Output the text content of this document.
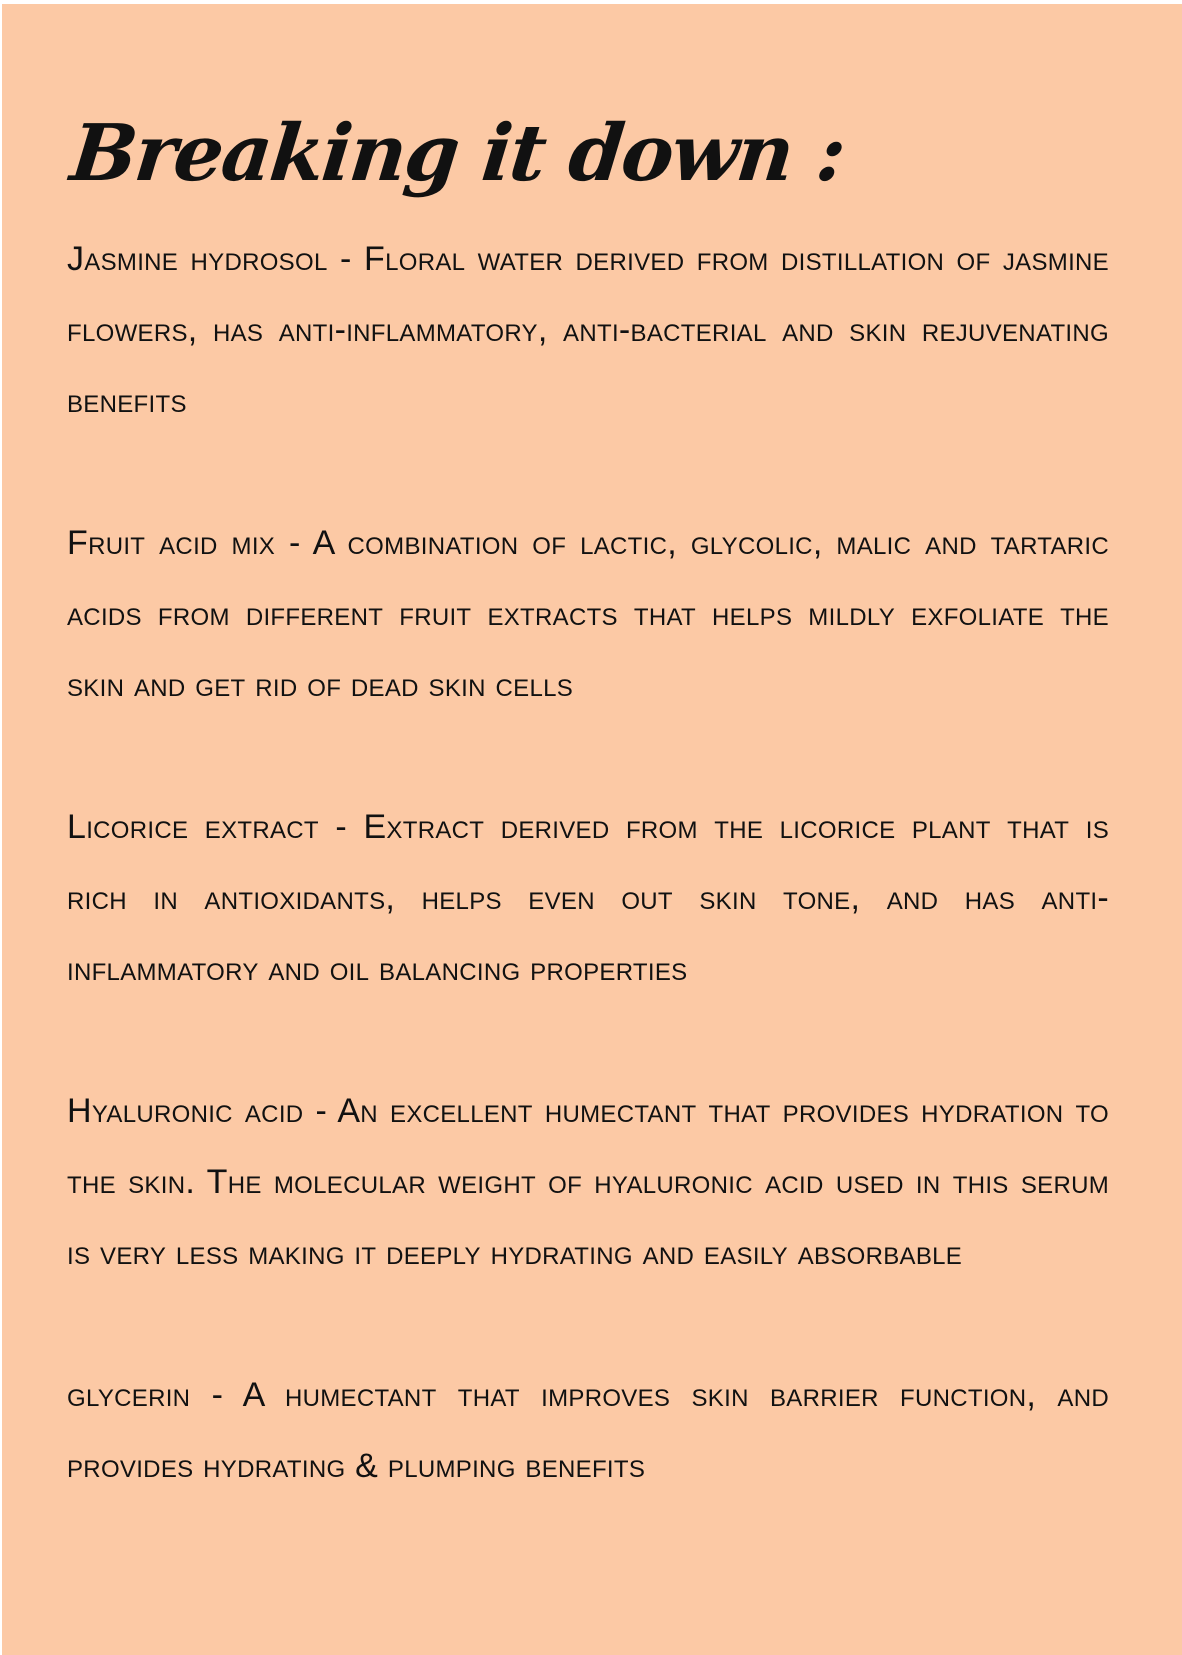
Breaking it down :

Jasmine hydrosol - Floral water derived from distillation of jasmine flowers, has anti-inflammatory, anti-bacterial and skin rejuvenating benefits

Fruit acid mix - A combination of lactic, glycolic, malic and tartaric acids from different fruit extracts that helps mildly exfoliate the skin and get rid of dead skin cells

Licorice extract - Extract derived from the licorice plant that is rich in antioxidants, helps even out skin tone, and has anti-inflammatory and oil balancing properties

Hyaluronic acid - An excellent humectant that provides hydration to the skin. The molecular weight of hyaluronic acid used in this serum is very less making it deeply hydrating and easily absorbable

glycerin - A humectant that improves skin barrier function, and provides hydrating & plumping benefits
